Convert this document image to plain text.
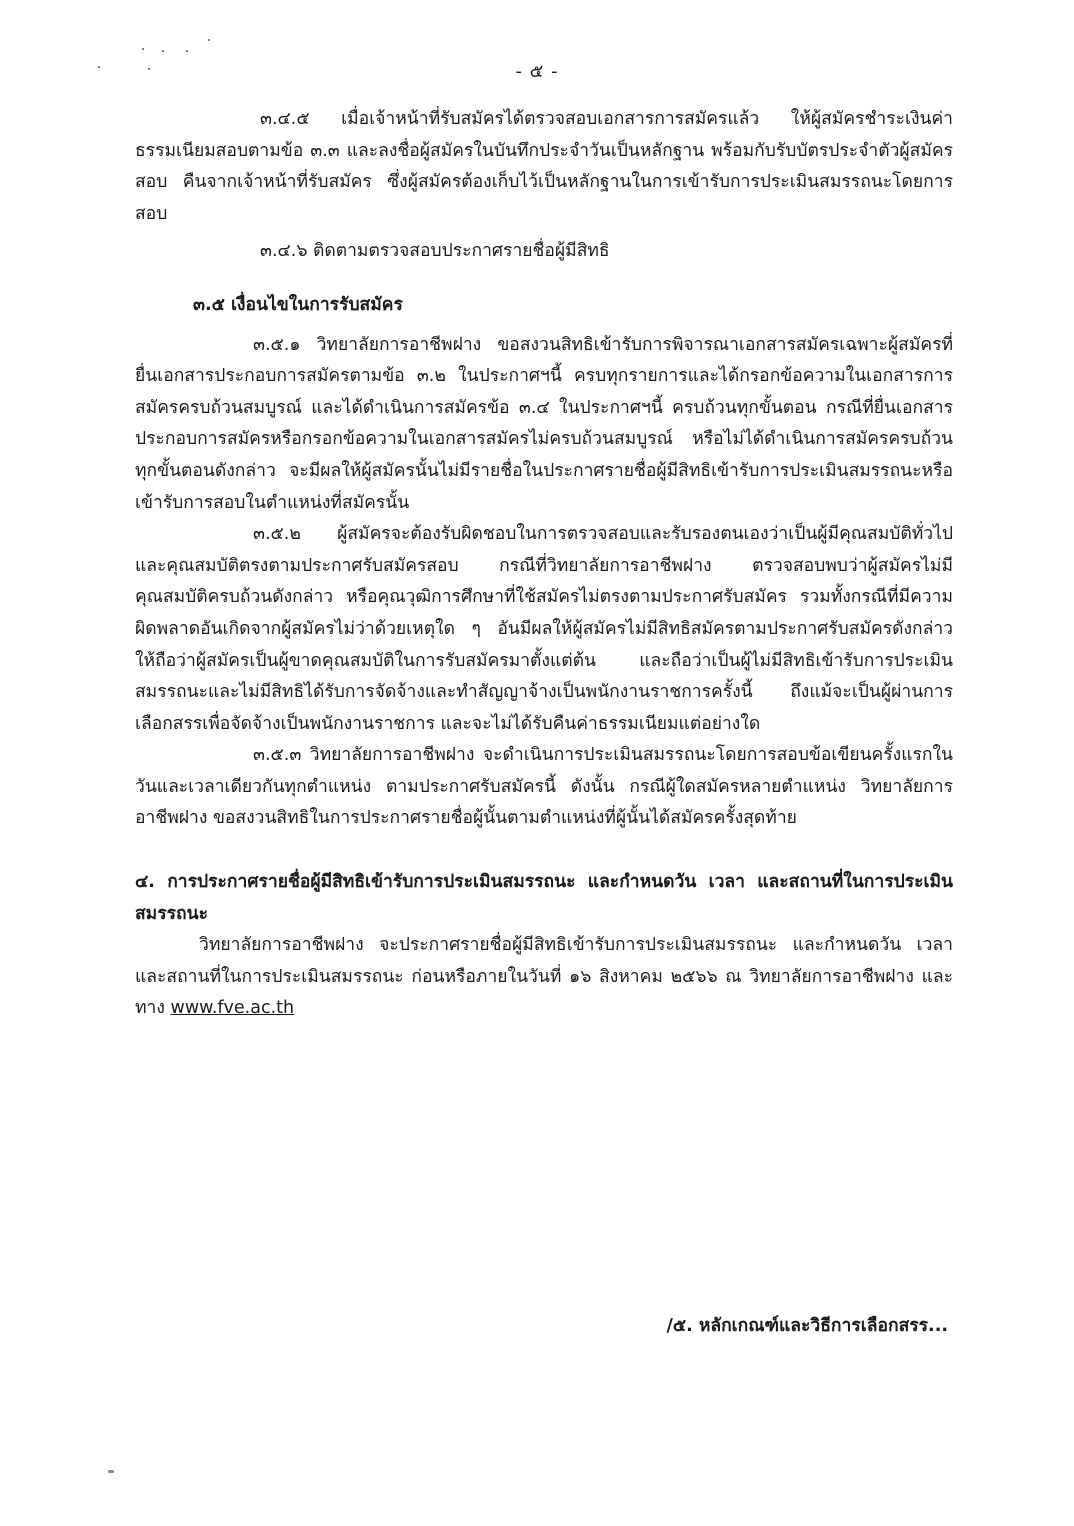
- ๕ -

๓.๔.๕ เมื่อเจ้าหน้าที่รับสมัครได้ตรวจสอบเอกสารการสมัครแล้ว ให้ผู้สมัครชำระเงินค่าธรรมเนียมสอบตามข้อ ๓.๓ และลงชื่อผู้สมัครในบันทึกประจำวันเป็นหลักฐาน พร้อมกับรับบัตรประจำตัวผู้สมัครสอบ คืนจากเจ้าหน้าที่รับสมัคร ซึ่งผู้สมัครต้องเก็บไว้เป็นหลักฐานในการเข้ารับการประเมินสมรรถนะโดยการสอบ

๓.๔.๖ ติดตามตรวจสอบประกาศรายชื่อผู้มีสิทธิ

๓.๕ เงื่อนไขในการรับสมัคร

๓.๕.๑ วิทยาลัยการอาชีพฝาง ขอสงวนสิทธิเข้ารับการพิจารณาเอกสารสมัครเฉพาะผู้สมัครที่ยื่นเอกสารประกอบการสมัครตามข้อ ๓.๒ ในประกาศฯนี้ ครบทุกรายการและได้กรอกข้อความในเอกสารการสมัครครบถ้วนสมบูรณ์ และได้ดำเนินการสมัครข้อ ๓.๔ ในประกาศฯนี้ ครบถ้วนทุกขั้นตอน กรณีที่ยื่นเอกสารประกอบการสมัครหรือกรอกข้อความในเอกสารสมัครไม่ครบถ้วนสมบูรณ์ หรือไม่ได้ดำเนินการสมัครครบถ้วนทุกขั้นตอนดังกล่าว จะมีผลให้ผู้สมัครนั้นไม่มีรายชื่อในประกาศรายชื่อผู้มีสิทธิเข้ารับการประเมินสมรรถนะหรือเข้ารับการสอบในตำแหน่งที่สมัครนั้น

๓.๕.๒ ผู้สมัครจะต้องรับผิดชอบในการตรวจสอบและรับรองตนเองว่าเป็นผู้มีคุณสมบัติทั่วไปและคุณสมบัติตรงตามประกาศรับสมัครสอบ กรณีที่วิทยาลัยการอาชีพฝาง ตรวจสอบพบว่าผู้สมัครไม่มีคุณสมบัติครบถ้วนดังกล่าว หรือคุณวุฒิการศึกษาที่ใช้สมัครไม่ตรงตามประกาศรับสมัคร รวมทั้งกรณีที่มีความผิดพลาดอันเกิดจากผู้สมัครไม่ว่าด้วยเหตุใด ๆ อันมีผลให้ผู้สมัครไม่มีสิทธิสมัครตามประกาศรับสมัครดังกล่าว ให้ถือว่าผู้สมัครเป็นผู้ขาดคุณสมบัติในการรับสมัครมาตั้งแต่ต้น และถือว่าเป็นผู้ไม่มีสิทธิเข้ารับการประเมินสมรรถนะและไม่มีสิทธิได้รับการจัดจ้างและทำสัญญาจ้างเป็นพนักงานราชการครั้งนี้ ถึงแม้จะเป็นผู้ผ่านการเลือกสรรเพื่อจัดจ้างเป็นพนักงานราชการ และจะไม่ได้รับคืนค่าธรรมเนียมแต่อย่างใด

๓.๕.๓ วิทยาลัยการอาชีพฝาง จะดำเนินการประเมินสมรรถนะโดยการสอบข้อเขียนครั้งแรกในวันและเวลาเดียวกันทุกตำแหน่ง ตามประกาศรับสมัครนี้ ดังนั้น กรณีผู้ใดสมัครหลายตำแหน่ง วิทยาลัยการอาชีพฝาง ขอสงวนสิทธิในการประกาศรายชื่อผู้นั้นตามตำแหน่งที่ผู้นั้นได้สมัครครั้งสุดท้าย

๔. การประกาศรายชื่อผู้มีสิทธิเข้ารับการประเมินสมรรถนะ และกำหนดวัน เวลา และสถานที่ในการประเมินสมรรถนะ

วิทยาลัยการอาชีพฝาง จะประกาศรายชื่อผู้มีสิทธิเข้ารับการประเมินสมรรถนะ และกำหนดวัน เวลา และสถานที่ในการประเมินสมรรถนะ ก่อนหรือภายในวันที่ ๑๖ สิงหาคม ๒๕๖๖ ณ วิทยาลัยการอาชีพฝาง และทาง www.fve.ac.th

/๕. หลักเกณฑ์และวิธีการเลือกสรร...
